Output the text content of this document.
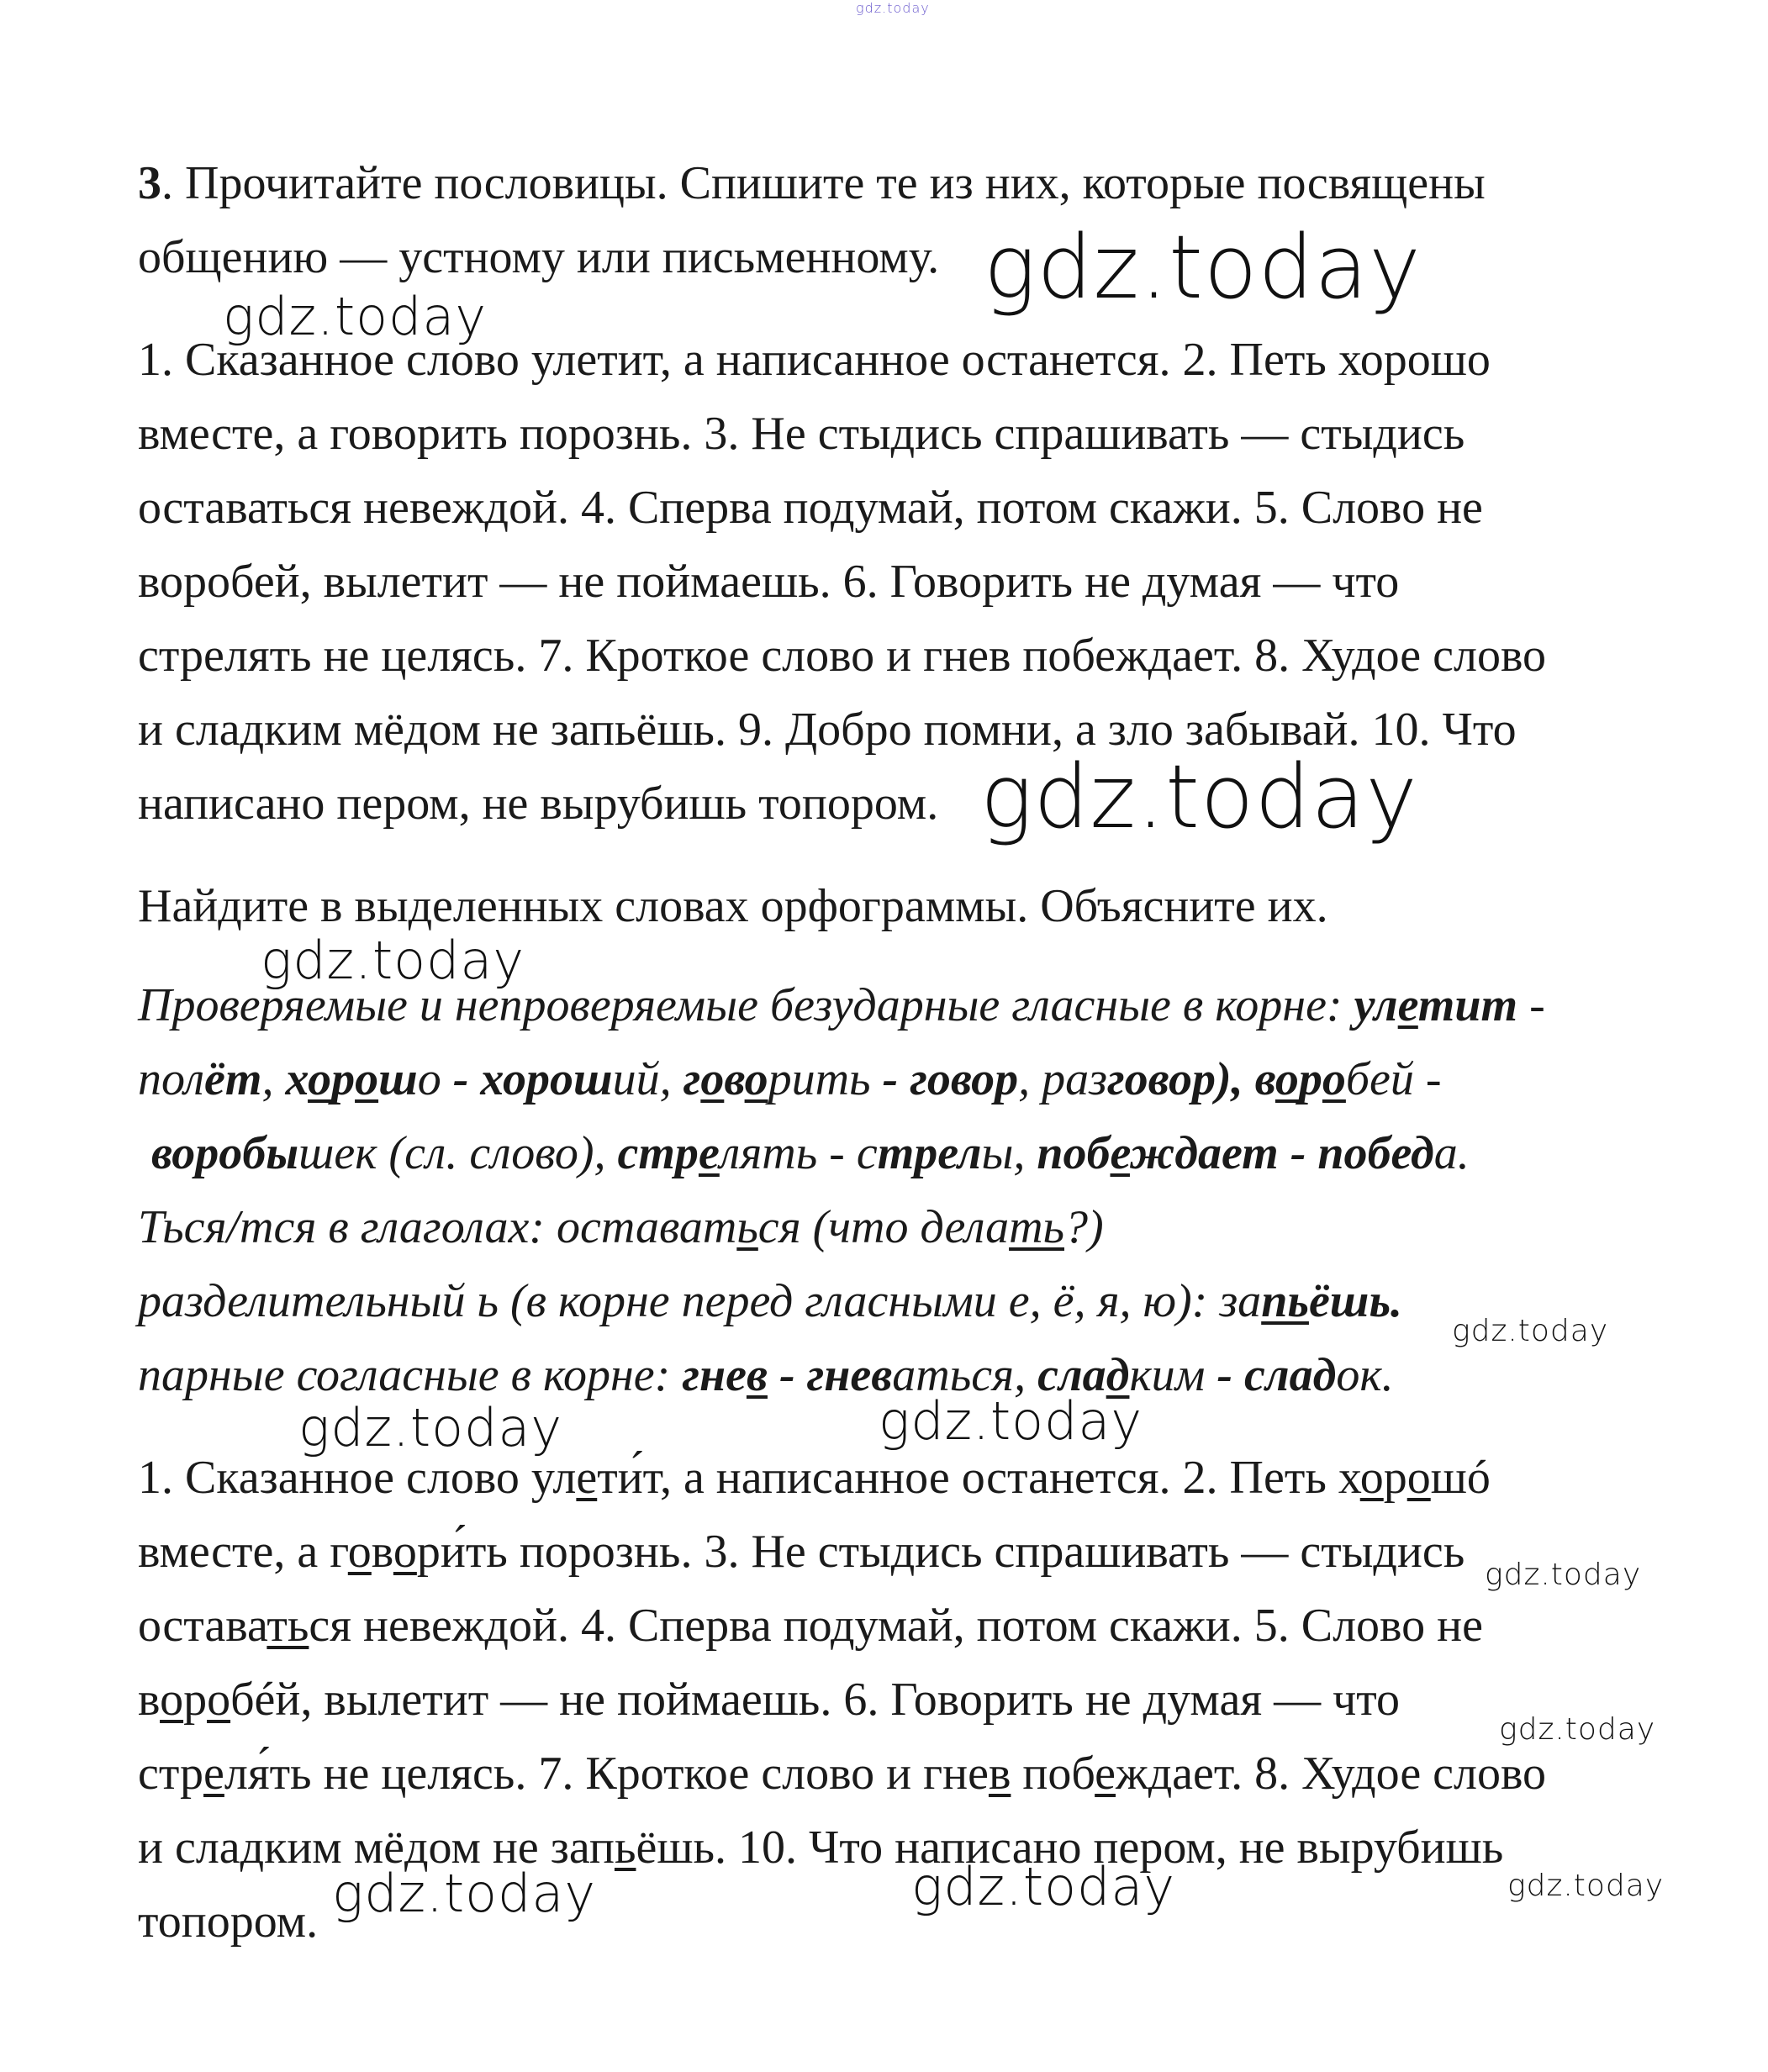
gdz.today
3. Прочитайте пословицы. Спишите те из них, которые посвящены
общению — устному или письменному.
1. Сказанное слово улетит, а написанное останется. 2. Петь хорошо
вместе, а говорить порознь. 3. Не стыдись спрашивать — стыдись
оставаться невеждой. 4. Сперва подумай, потом скажи. 5. Слово не
воробей, вылетит — не поймаешь. 6. Говорить не думая — что
стрелять не целясь. 7. Кроткое слово и гнев побеждает. 8. Худое слово
и сладким мёдом не запьёшь. 9. Добро помни, а зло забывай. 10. Что
написано пером, не вырубишь топором.
Найдите в выделенных словах орфограммы. Объясните их.
Проверяемые и непроверяемые безударные гласные в корне: улетит -
полёт, хорошо - хороший, говорить - говор, разговор), воробей -
воробышек (сл. слово), стрелять - стрелы, побеждает - победа.
Ться/тся в глаголах: оставаться (что делать?)
разделительный ь (в корне перед гласными е, ё, я, ю): запьёшь.
парные согласные в корне: гнев - гневаться, сладким - сладок.
1. Сказанное слово улети́т, а написанное останется. 2. Петь хорошó
вместе, а говори́ть порознь. 3. Не стыдись спрашивать — стыдись
оставаться невеждой. 4. Сперва подумай, потом скажи. 5. Слово не
воробéй, вылетит — не поймаешь. 6. Говорить не думая — что
стреля́ть не целясь. 7. Кроткое слово и гнев побеждает. 8. Худое слово
и сладким мёдом не запьёшь. 10. Что написано пером, не вырубишь
топором.
gdz.today
gdz.today
gdz.today
gdz.today
gdz.today
gdz.today	gdz.today
gdz.today
gdz.today
gdz.today	gdz.today	gdz.today
